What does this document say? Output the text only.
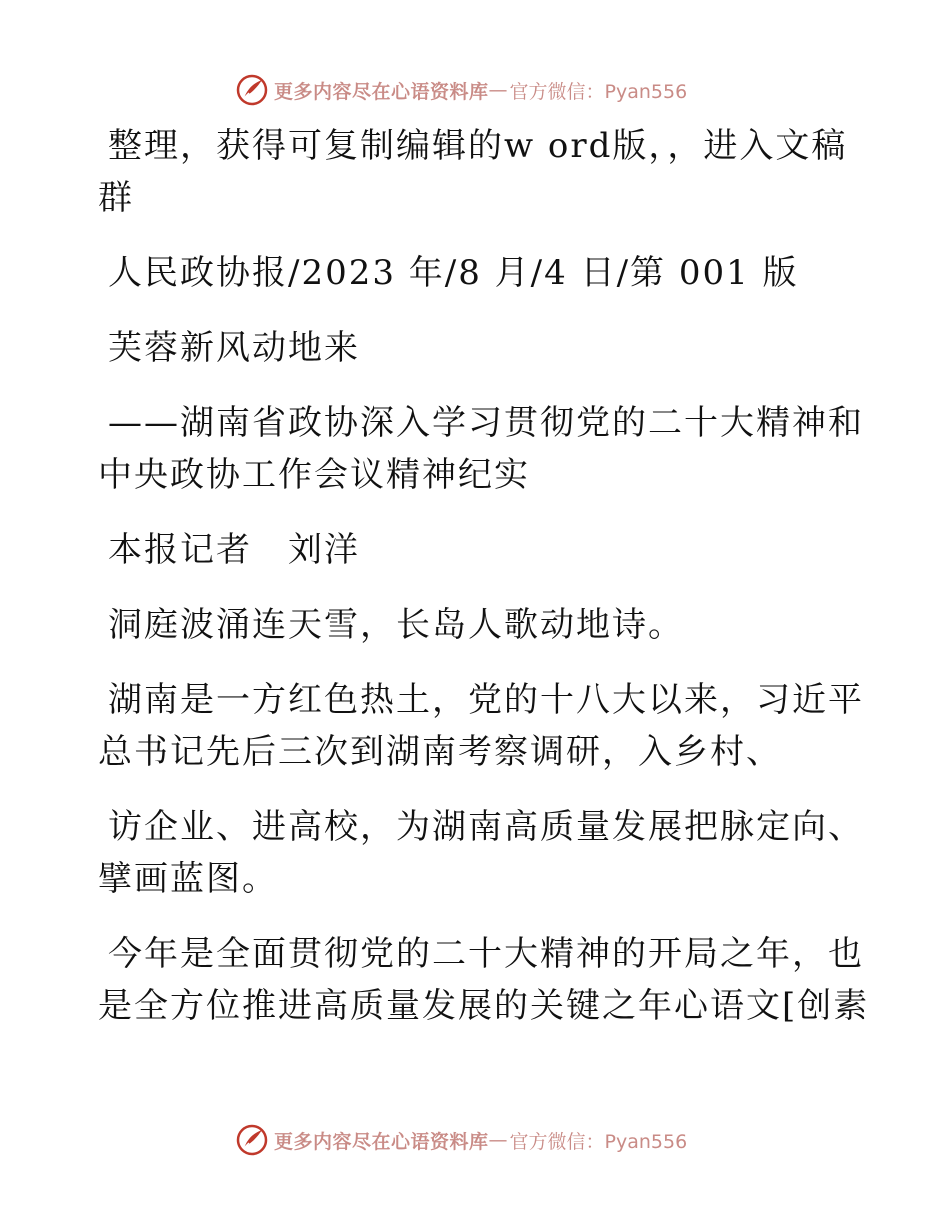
更多内容尽在心语资料库 — 官方微信：Pyan556
整理，获得可复制编辑的w ord版，，进入文稿
群
人民政协报/2023 年/8 月/4 日/第 001 版
芙蓉新风动地来
——湖南省政协深入学习贯彻党的二十大精神和
中央政协工作会议精神纪实
本报记者　刘洋
洞庭波涌连天雪，长岛人歌动地诗。
湖南是一方红色热土，党的十八大以来，习近平
总书记先后三次到湖南考察调研，入乡村、
访企业、进高校，为湖南高质量发展把脉定向、
擘画蓝图。
今年是全面贯彻党的二十大精神的开局之年，也
是全方位推进高质量发展的关键之年心语文[创素
更多内容尽在心语资料库 — 官方微信：Pyan556
